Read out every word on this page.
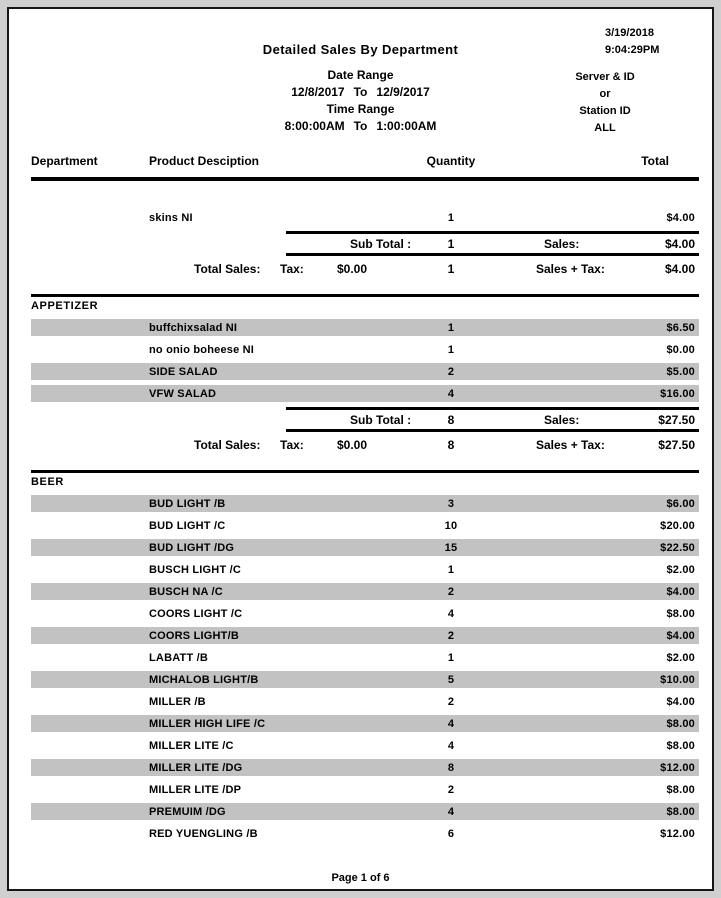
3/19/2018
9:04:29PM
Detailed Sales By Department
Date Range
12/8/2017 To 12/9/2017
Time Range
8:00:00AM To 1:00:00AM
Server & ID
or
Station ID
ALL
Department	Product Desciption	Quantity	Total
skins NI	1	$4.00
Sub Total :	1	Sales:	$4.00
Total Sales: Tax:	$0.00	1	Sales + Tax:	$4.00
APPETIZER
buffchixsalad NI	1	$6.50
no onio boheese NI	1	$0.00
SIDE SALAD	2	$5.00
VFW SALAD	4	$16.00
Sub Total :	8	Sales:	$27.50
Total Sales: Tax:	$0.00	8	Sales + Tax:	$27.50
BEER
BUD LIGHT /B	3	$6.00
BUD LIGHT /C	10	$20.00
BUD LIGHT /DG	15	$22.50
BUSCH LIGHT /C	1	$2.00
BUSCH NA /C	2	$4.00
COORS LIGHT /C	4	$8.00
COORS LIGHT/B	2	$4.00
LABATT /B	1	$2.00
MICHALOB LIGHT/B	5	$10.00
MILLER /B	2	$4.00
MILLER HIGH LIFE /C	4	$8.00
MILLER LITE /C	4	$8.00
MILLER LITE /DG	8	$12.00
MILLER LITE /DP	2	$8.00
PREMUIM /DG	4	$8.00
RED YUENGLING /B	6	$12.00
Page 1 of 6
